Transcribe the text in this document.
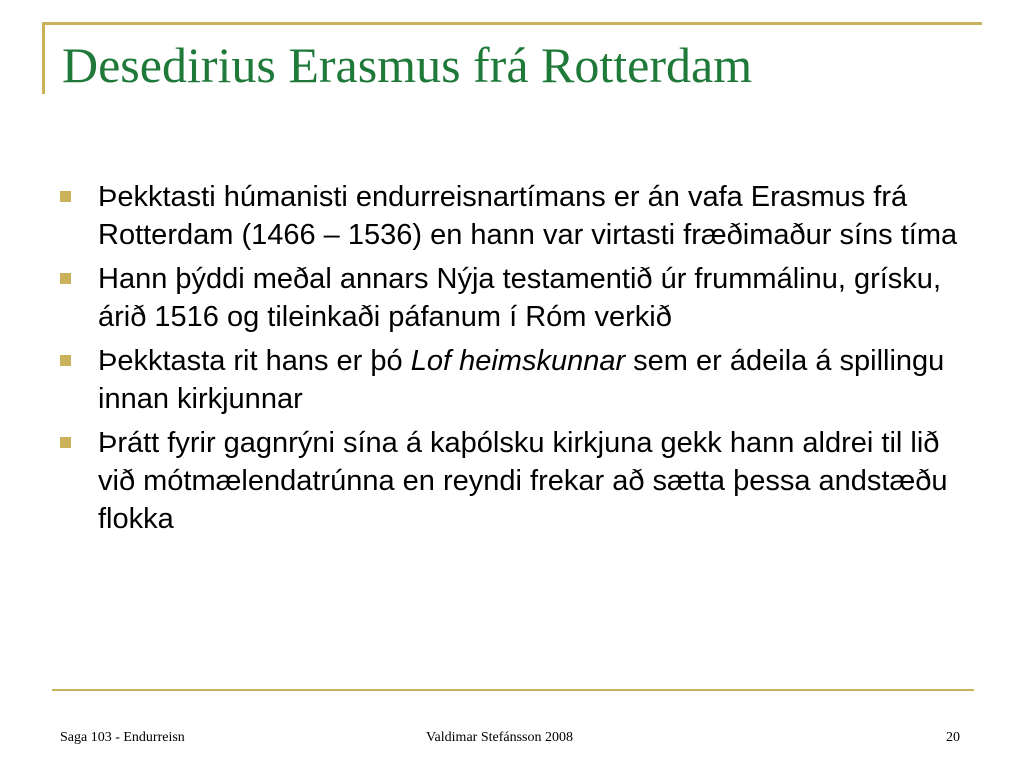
Desedirius Erasmus frá Rotterdam
Þekktasti húmanisti endurreisnartímans er án vafa Erasmus frá Rotterdam (1466 – 1536) en hann var virtasti fræðimaður síns tíma
Hann þýddi meðal annars Nýja testamentið úr frummálinu, grísku, árið 1516 og tileinkaði páfanum í Róm verkið
Þekktasta rit hans er þó Lof heimskunnar sem er ádeila á spillingu innan kirkjunnar
Þrátt fyrir gagnrýni sína á kaþólsku kirkjuna gekk hann aldrei til lið við mótmælendatrúnna en reyndi frekar að sætta þessa andstæðu flokka
Saga 103 - Endurreisn	Valdimar Stefánsson 2008	20
